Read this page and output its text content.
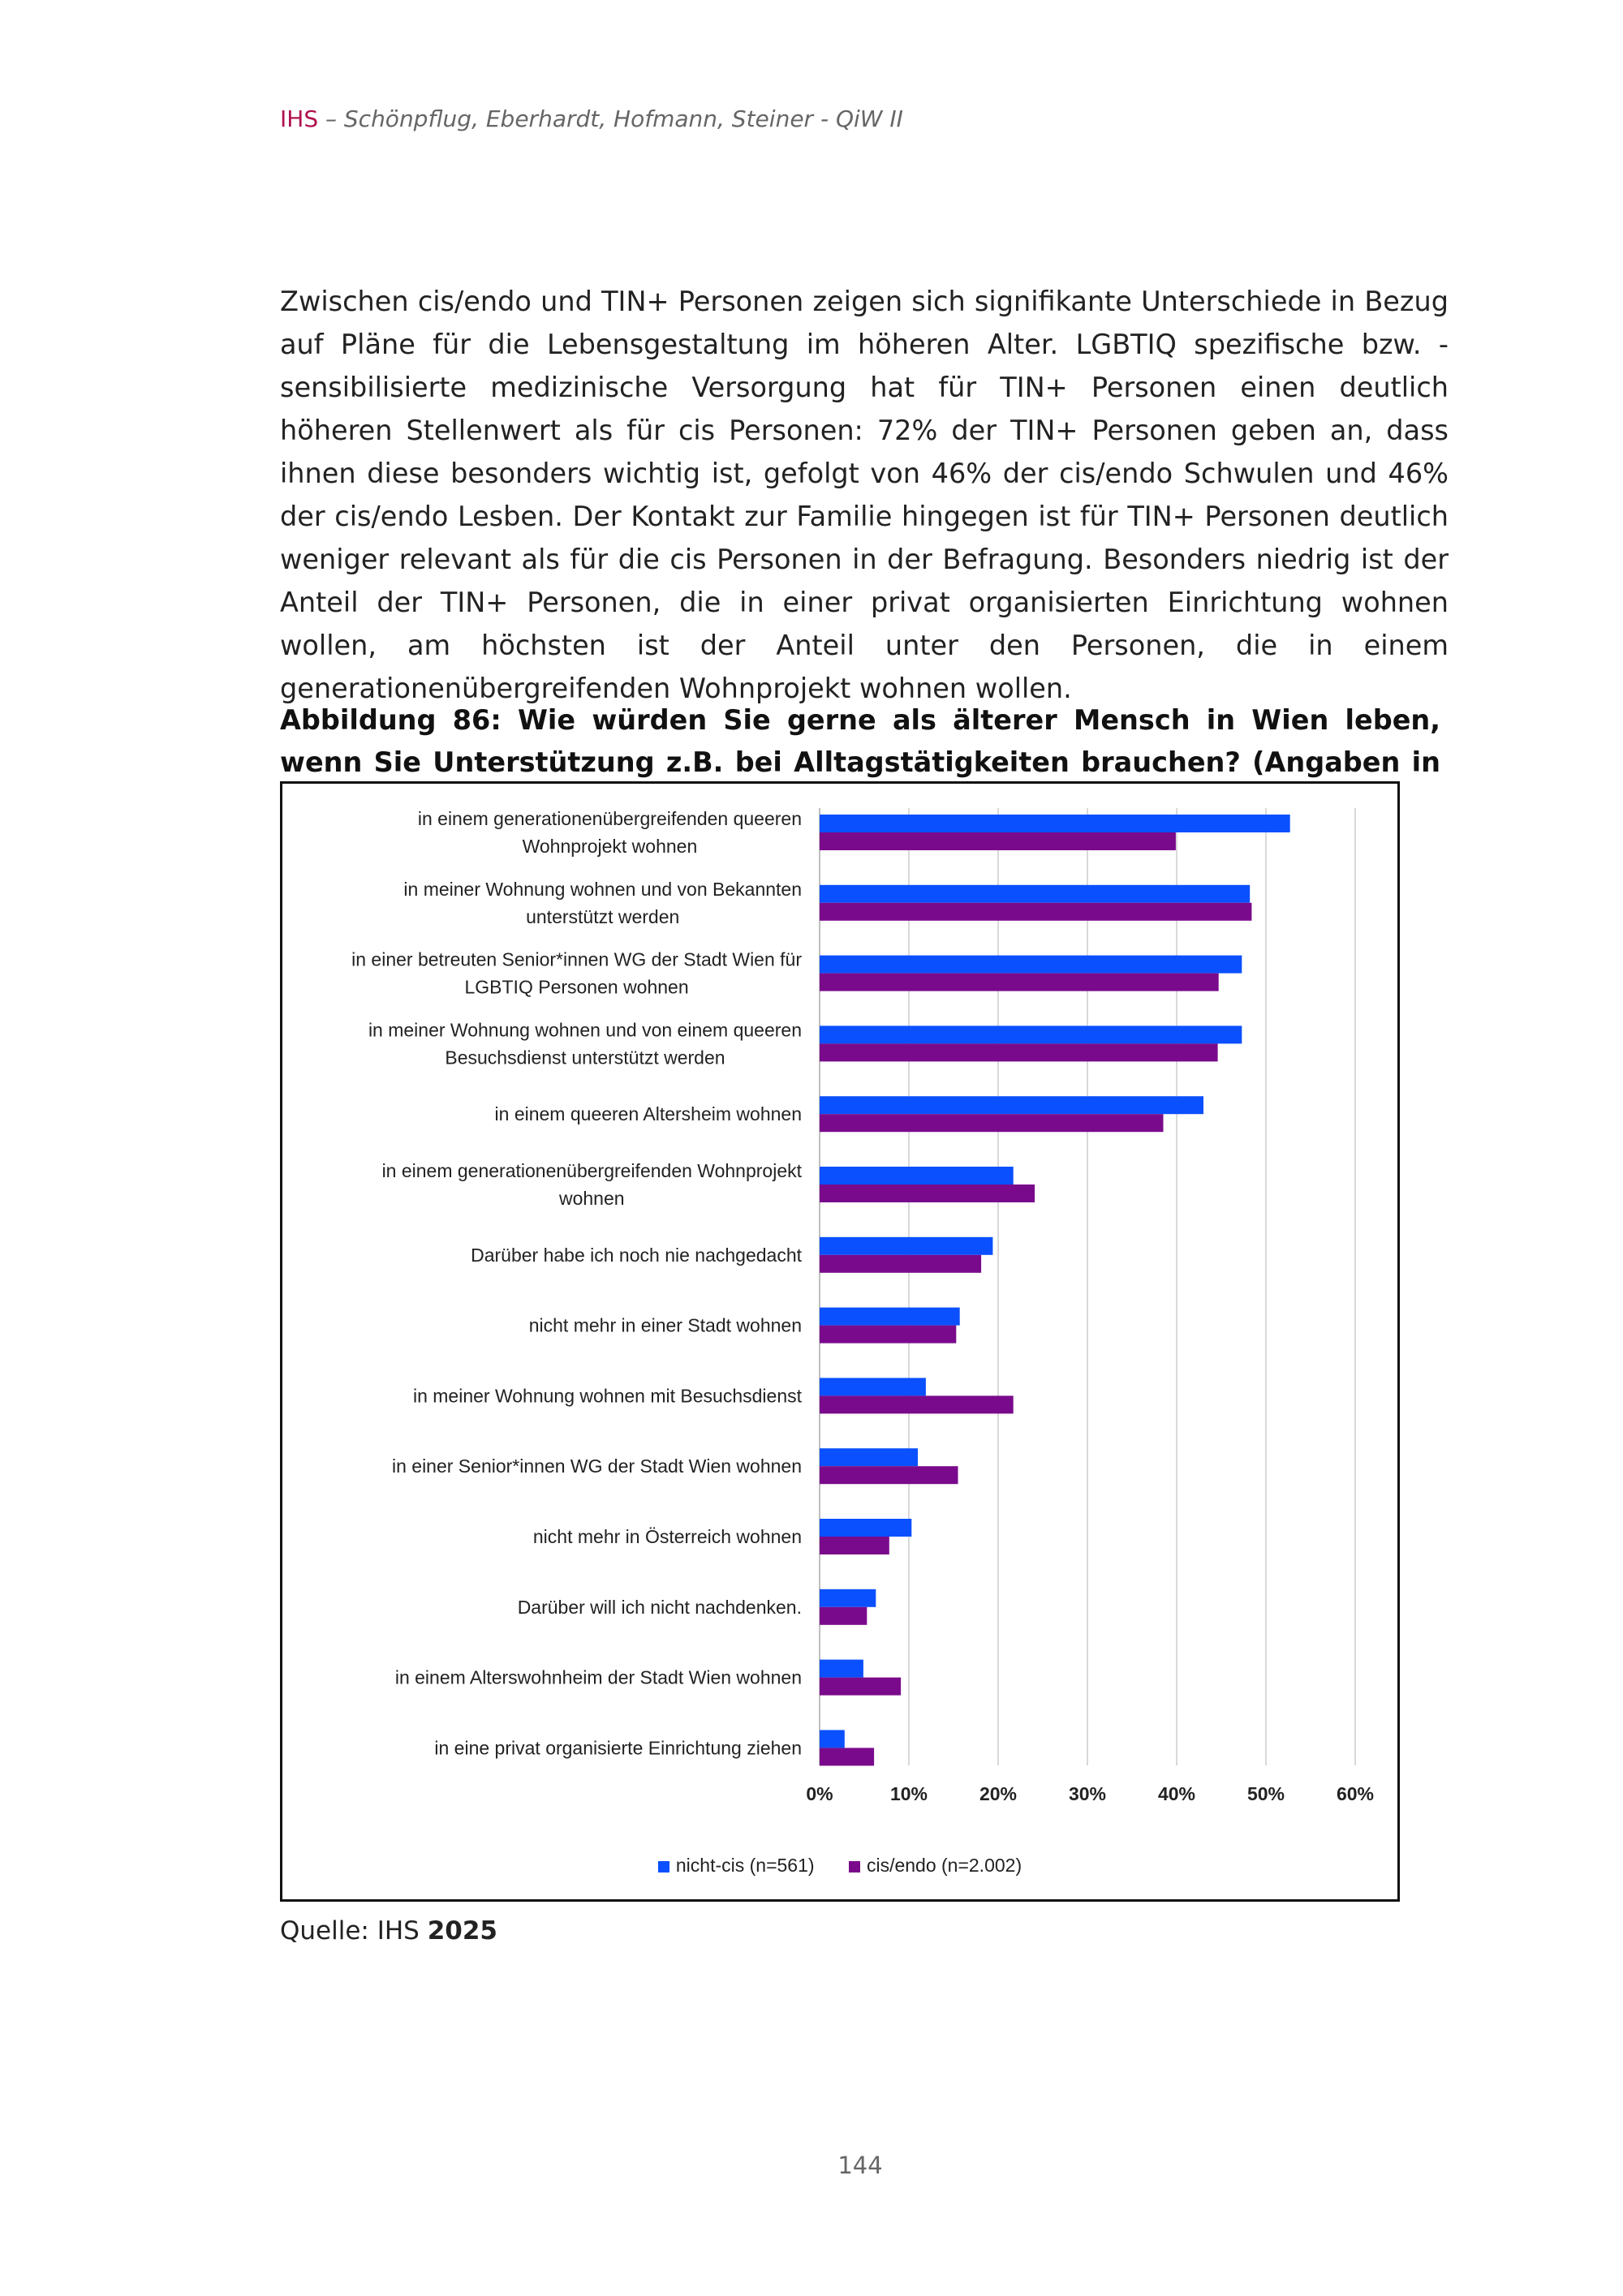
IHS – Schönpflug, Eberhardt, Hofmann, Steiner - QiW II
Zwischen cis/endo und TIN+ Personen zeigen sich signifikante Unterschiede in Bezug auf Pläne für die Lebensgestaltung im höheren Alter. LGBTIQ spezifische bzw. -sensibilisierte medizinische Versorgung hat für TIN+ Personen einen deutlich höheren Stellenwert als für cis Personen: 72% der TIN+ Personen geben an, dass ihnen diese besonders wichtig ist, gefolgt von 46% der cis/endo Schwulen und 46% der cis/endo Lesben. Der Kontakt zur Familie hingegen ist für TIN+ Personen deutlich weniger relevant als für die cis Personen in der Befragung. Besonders niedrig ist der Anteil der TIN+ Personen, die in einer privat organisierten Einrichtung wohnen wollen, am höchsten ist der Anteil unter den Personen, die in einem generationenübergreifenden Wohnprojekt wohnen wollen.
Abbildung 86: Wie würden Sie gerne als älterer Mensch in Wien leben, wenn Sie Unterstützung z.B. bei Alltagstätigkeiten brauchen? (Angaben in
0%	10%	20%	30%	40%	50%	60%
in einem generationenübergreifenden queeren
Wohnprojekt wohnen
in meiner Wohnung wohnen und von Bekannten
unterstützt werden
in einer betreuten Senior*innen WG der Stadt Wien für
LGBTIQ Personen wohnen
in meiner Wohnung wohnen und von einem queeren
Besuchsdienst unterstützt werden
in einem queeren Altersheim wohnen
in einem generationenübergreifenden Wohnprojekt
wohnen
Darüber habe ich noch nie nachgedacht
nicht mehr in einer Stadt wohnen
in meiner Wohnung wohnen mit Besuchsdienst
in einer Senior*innen WG der Stadt Wien wohnen
nicht mehr in Österreich wohnen
Darüber will ich nicht nachdenken.
in einem Alterswohnheim der Stadt Wien wohnen
in eine privat organisierte Einrichtung ziehen
nicht-cis (n=561)	cis/endo (n=2.002)
Quelle: IHS 2025
144
